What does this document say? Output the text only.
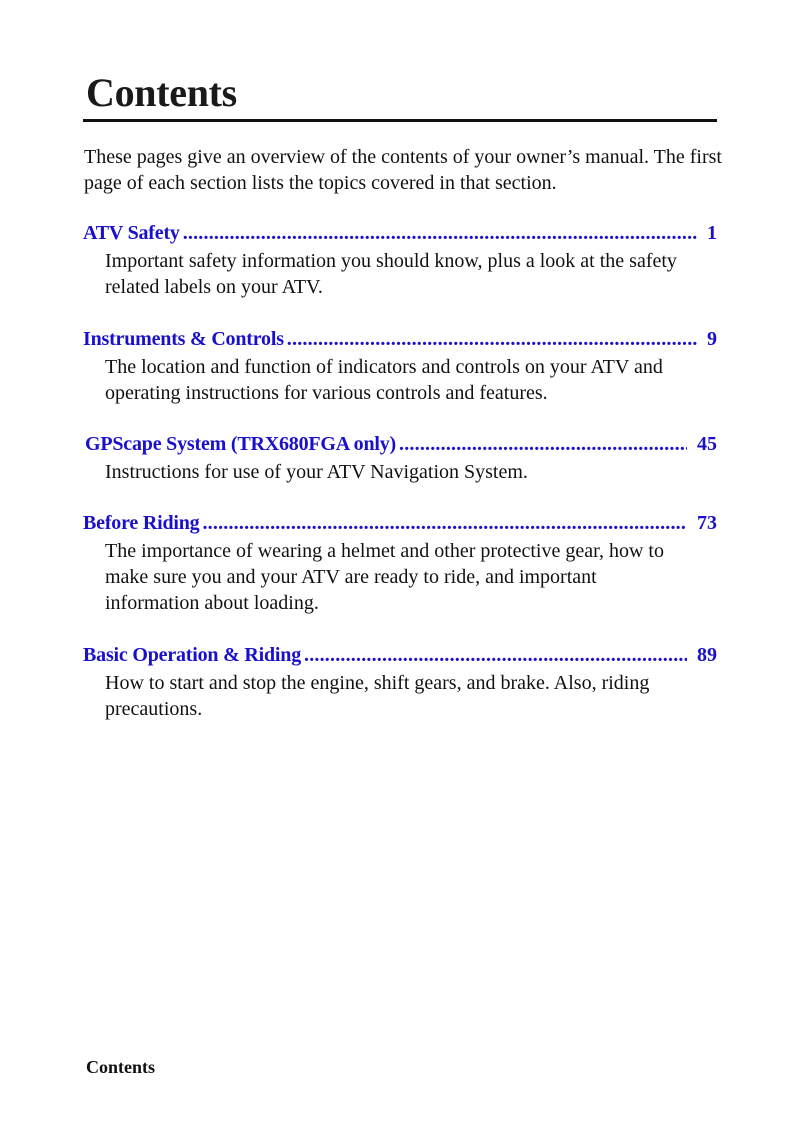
Contents

These pages give an overview of the contents of your owner’s manual. The first page of each section lists the topics covered in that section.

ATV Safety .....	1
Important safety information you should know, plus a look at the safety related labels on your ATV.
Instruments & Controls .....	9
The location and function of indicators and controls on your ATV and operating instructions for various controls and features.
GPScape System (TRX680FGA only) .....	45
Instructions for use of your ATV Navigation System.
Before Riding .....	73
The importance of wearing a helmet and other protective gear, how to make sure you and your ATV are ready to ride, and important information about loading.
Basic Operation & Riding .....	89
How to start and stop the engine, shift gears, and brake. Also, riding precautions.
Contents
